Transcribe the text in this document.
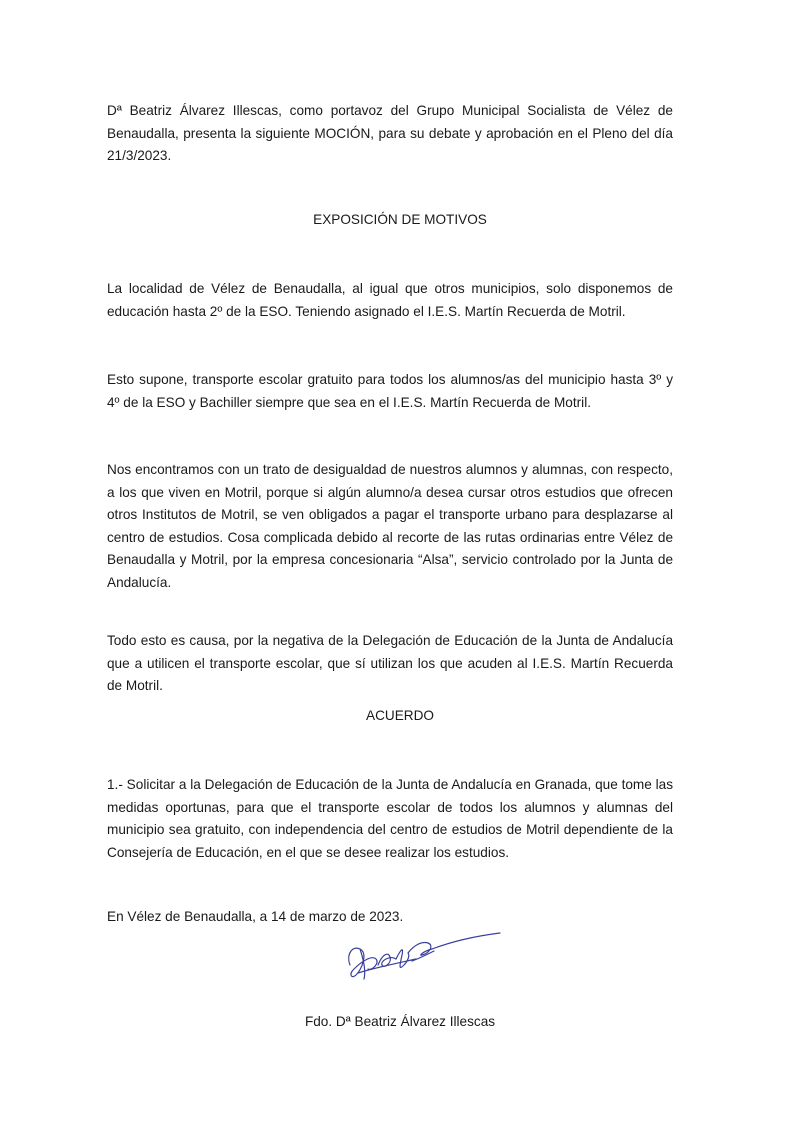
Dª Beatriz Álvarez Illescas, como portavoz del Grupo Municipal Socialista de Vélez de Benaudalla, presenta la siguiente MOCIÓN, para su debate y aprobación en el Pleno del día 21/3/2023.

EXPOSICIÓN DE MOTIVOS

La localidad de Vélez de Benaudalla, al igual que otros municipios, solo disponemos de educación hasta 2º de la ESO. Teniendo asignado el I.E.S. Martín Recuerda de Motril.

Esto supone, transporte escolar gratuito para todos los alumnos/as del municipio hasta 3º y 4º de la ESO y Bachiller siempre que sea en el I.E.S. Martín Recuerda de Motril.

Nos encontramos con un trato de desigualdad de nuestros alumnos y alumnas, con respecto, a los que viven en Motril, porque si algún alumno/a desea cursar otros estudios que ofrecen otros Institutos de Motril, se ven obligados a pagar el transporte urbano para desplazarse al centro de estudios. Cosa complicada debido al recorte de las rutas ordinarias entre Vélez de Benaudalla y Motril, por la empresa concesionaria “Alsa”, servicio controlado por la Junta de Andalucía.

Todo esto es causa, por la negativa de la Delegación de Educación de la Junta de Andalucía que a utilicen el transporte escolar, que sí utilizan los que acuden al I.E.S. Martín Recuerda de Motril.

ACUERDO

1.- Solicitar a la Delegación de Educación de la Junta de Andalucía en Granada, que tome las medidas oportunas, para que el transporte escolar de todos los alumnos y alumnas del municipio sea gratuito, con independencia del centro de estudios de Motril dependiente de la Consejería de Educación, en el que se desee realizar los estudios.

En Vélez de Benaudalla, a 14 de marzo de 2023.

Fdo. Dª Beatriz Álvarez Illescas
